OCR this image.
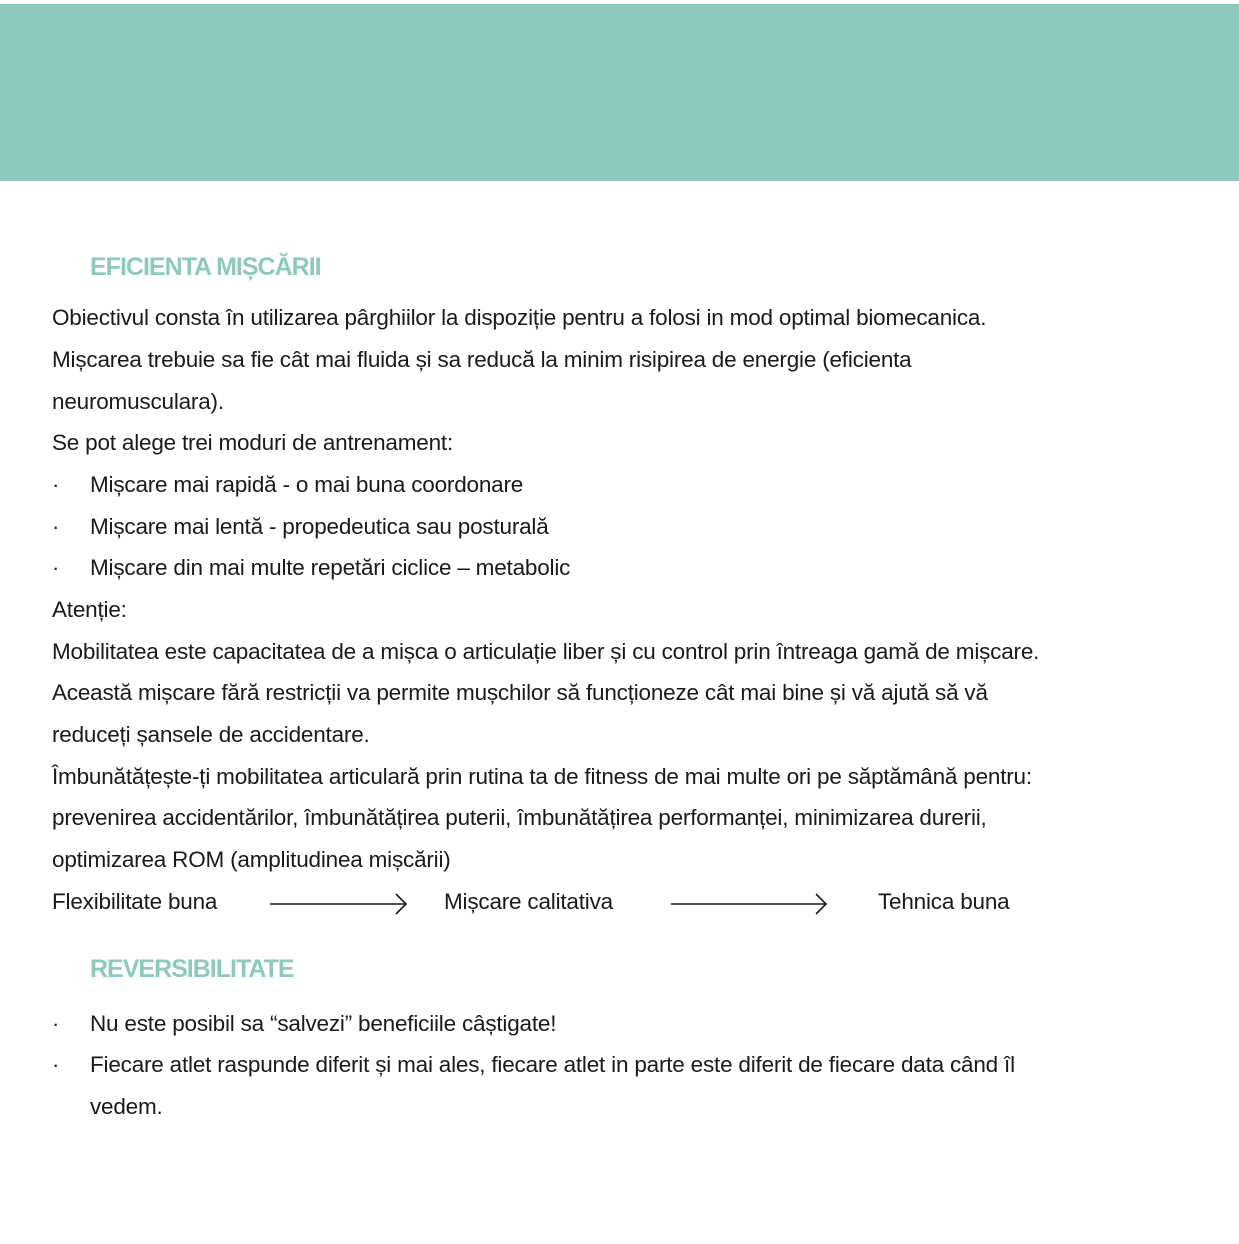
EFICIENTA MIȘCĂRII
Obiectivul consta în utilizarea pârghiilor la dispoziție pentru a folosi in mod optimal biomecanica.
Mișcarea trebuie sa fie cât mai fluida și sa reducă la minim risipirea de energie (eficienta
neuromusculara).
Se pot alege trei moduri de antrenament:
· Mișcare mai rapidă - o mai buna coordonare
· Mișcare mai lentă - propedeutica sau posturală
· Mișcare din mai multe repetări ciclice – metabolic
Atenție:
Mobilitatea este capacitatea de a mișca o articulație liber și cu control prin întreaga gamă de mișcare.
Această mișcare fără restricții va permite mușchilor să funcționeze cât mai bine și vă ajută să vă
reduceți șansele de accidentare.
Îmbunătățește-ți mobilitatea articulară prin rutina ta de fitness de mai multe ori pe săptămână pentru:
prevenirea accidentărilor, îmbunătățirea puterii, îmbunătățirea performanței, minimizarea durerii,
optimizarea ROM (amplitudinea mișcării)
Flexibilitate buna	Mișcare calitativa	Tehnica buna
REVERSIBILITATE
· Nu este posibil sa “salvezi” beneficiile câștigate!
· Fiecare atlet raspunde diferit și mai ales, fiecare atlet in parte este diferit de fiecare data când îl
vedem.
